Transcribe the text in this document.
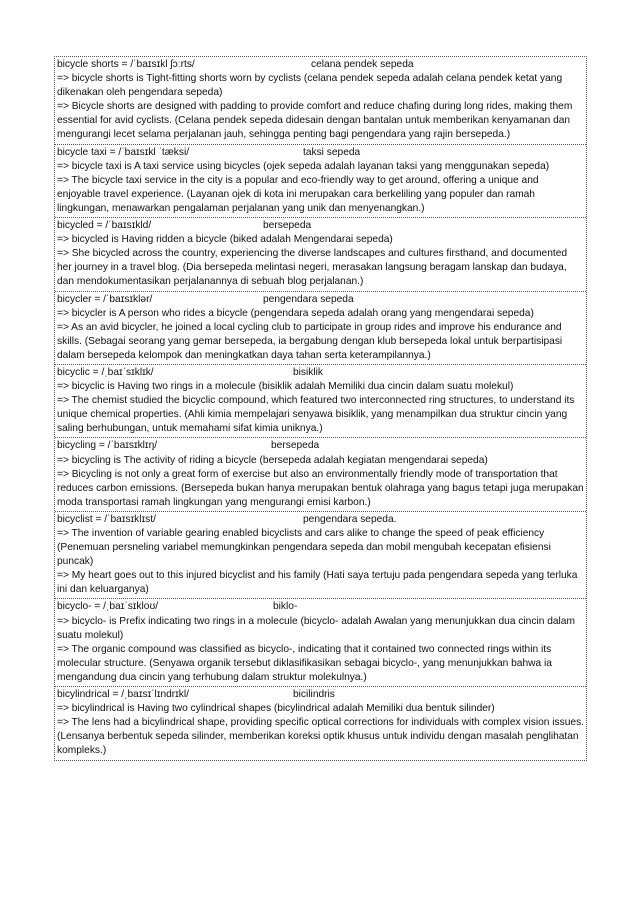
bicycle shorts = /ˈbaɪsɪkl ʃɔːrts/	celana pendek sepeda
=> bicycle shorts is Tight-fitting shorts worn by cyclists (celana pendek sepeda adalah celana pendek ketat yang dikenakan oleh pengendara sepeda)
=> Bicycle shorts are designed with padding to provide comfort and reduce chafing during long rides, making them essential for avid cyclists. (Celana pendek sepeda didesain dengan bantalan untuk memberikan kenyamanan dan mengurangi lecet selama perjalanan jauh, sehingga penting bagi pengendara yang rajin bersepeda.)
bicycle taxi = /ˈbaɪsɪkl ˈtæksi/	taksi sepeda
=> bicycle taxi is A taxi service using bicycles (ojek sepeda adalah layanan taksi yang menggunakan sepeda)
=> The bicycle taxi service in the city is a popular and eco-friendly way to get around, offering a unique and enjoyable travel experience. (Layanan ojek di kota ini merupakan cara berkeliling yang populer dan ramah lingkungan, menawarkan pengalaman perjalanan yang unik dan menyenangkan.)
bicycled = /ˈbaɪsɪkld/	bersepeda
=> bicycled is Having ridden a bicycle (biked adalah Mengendarai sepeda)
=> She bicycled across the country, experiencing the diverse landscapes and cultures firsthand, and documented her journey in a travel blog. (Dia bersepeda melintasi negeri, merasakan langsung beragam lanskap dan budaya, dan mendokumentasikan perjalanannya di sebuah blog perjalanan.)
bicycler = /ˈbaɪsɪklər/	pengendara sepeda
=> bicycler is A person who rides a bicycle (pengendara sepeda adalah orang yang mengendarai sepeda)
=> As an avid bicycler, he joined a local cycling club to participate in group rides and improve his endurance and skills. (Sebagai seorang yang gemar bersepeda, ia bergabung dengan klub bersepeda lokal untuk berpartisipasi dalam bersepeda kelompok dan meningkatkan daya tahan serta keterampilannya.)
bicyclic = /ˌbaɪˈsɪklɪk/	bisiklik
=> bicyclic is Having two rings in a molecule (bisiklik adalah Memiliki dua cincin dalam suatu molekul)
=> The chemist studied the bicyclic compound, which featured two interconnected ring structures, to understand its unique chemical properties. (Ahli kimia mempelajari senyawa bisiklik, yang menampilkan dua struktur cincin yang saling berhubungan, untuk memahami sifat kimia uniknya.)
bicycling = /ˈbaɪsɪklɪŋ/	bersepeda
=> bicycling is The activity of riding a bicycle (bersepeda adalah kegiatan mengendarai sepeda)
=> Bicycling is not only a great form of exercise but also an environmentally friendly mode of transportation that reduces carbon emissions. (Bersepeda bukan hanya merupakan bentuk olahraga yang bagus tetapi juga merupakan moda transportasi ramah lingkungan yang mengurangi emisi karbon.)
bicyclist = /ˈbaɪsɪklɪst/	pengendara sepeda.
=> The invention of variable gearing enabled bicyclists and cars alike to change the speed of peak efficiency (Penemuan persneling variabel memungkinkan pengendara sepeda dan mobil mengubah kecepatan efisiensi puncak)
=> My heart goes out to this injured bicyclist and his family (Hati saya tertuju pada pengendara sepeda yang terluka ini dan keluarganya)
bicyclo- = /ˌbaɪˈsɪkloʊ/	biklo-
=> bicyclo- is Prefix indicating two rings in a molecule (bicyclo- adalah Awalan yang menunjukkan dua cincin dalam suatu molekul)
=> The organic compound was classified as bicyclo-, indicating that it contained two connected rings within its molecular structure. (Senyawa organik tersebut diklasifikasikan sebagai bicyclo-, yang menunjukkan bahwa ia mengandung dua cincin yang terhubung dalam struktur molekulnya.)
bicylindrical = /ˌbaɪsɪˈlɪndrɪkl/	bicilindris
=> bicylindrical is Having two cylindrical shapes (bicylindrical adalah Memiliki dua bentuk silinder)
=> The lens had a bicylindrical shape, providing specific optical corrections for individuals with complex vision issues. (Lensanya berbentuk sepeda silinder, memberikan koreksi optik khusus untuk individu dengan masalah penglihatan kompleks.)
